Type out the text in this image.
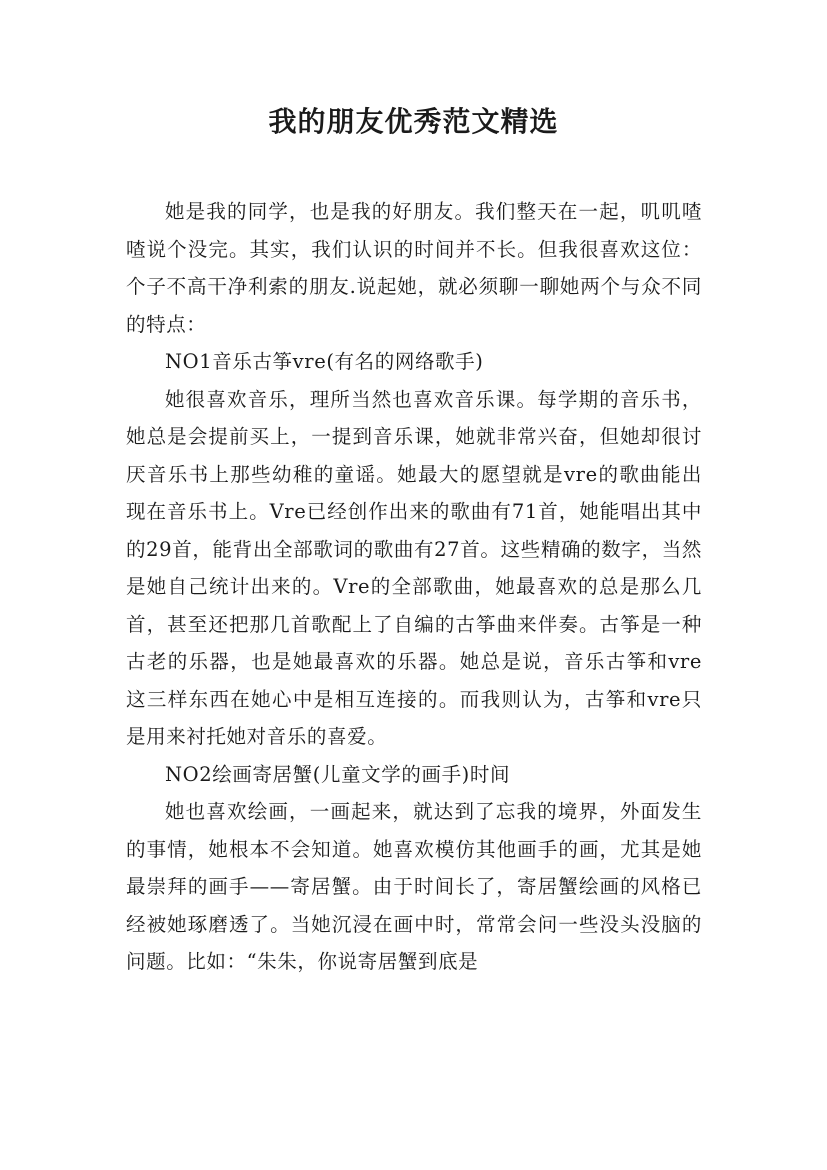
我的朋友优秀范文精选

她是我的同学，也是我的好朋友。我们整天在一起，叽叽喳喳说个没完。其实，我们认识的时间并不长。但我很喜欢这位：个子不高干净利索的朋友.说起她，就必须聊一聊她两个与众不同的特点：

NO1音乐古筝vre(有名的网络歌手)

她很喜欢音乐，理所当然也喜欢音乐课。每学期的音乐书，她总是会提前买上，一提到音乐课，她就非常兴奋，但她却很讨厌音乐书上那些幼稚的童谣。她最大的愿望就是vre的歌曲能出现在音乐书上。Vre已经创作出来的歌曲有71首，她能唱出其中的29首，能背出全部歌词的歌曲有27首。这些精确的数字，当然是她自己统计出来的。Vre的全部歌曲，她最喜欢的总是那么几首，甚至还把那几首歌配上了自编的古筝曲来伴奏。古筝是一种古老的乐器，也是她最喜欢的乐器。她总是说，音乐古筝和vre这三样东西在她心中是相互连接的。而我则认为，古筝和vre只是用来衬托她对音乐的喜爱。

NO2绘画寄居蟹(儿童文学的画手)时间

她也喜欢绘画，一画起来，就达到了忘我的境界，外面发生的事情，她根本不会知道。她喜欢模仿其他画手的画，尤其是她最崇拜的画手——寄居蟹。由于时间长了，寄居蟹绘画的风格已经被她琢磨透了。当她沉浸在画中时，常常会问一些没头没脑的问题。比如：“朱朱，你说寄居蟹到底是
